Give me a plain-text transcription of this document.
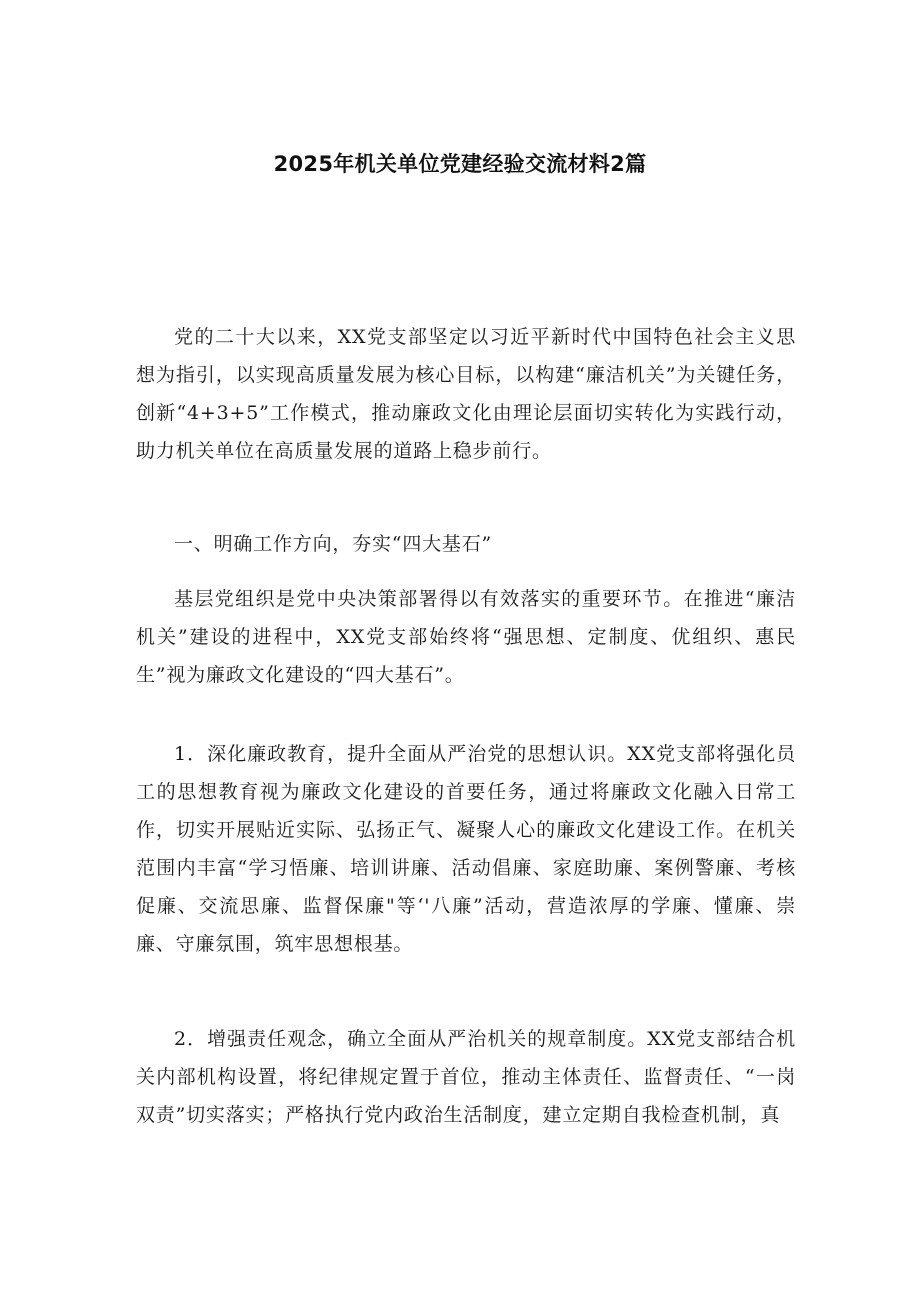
2025年机关单位党建经验交流材料2篇

党的二十大以来，XX党支部坚定以习近平新时代中国特色社会主义思想为指引，以实现高质量发展为核心目标，以构建“廉洁机关”为关键任务，创新“4+3+5”工作模式，推动廉政文化由理论层面切实转化为实践行动，助力机关单位在高质量发展的道路上稳步前行。

一、明确工作方向，夯实“四大基石”

基层党组织是党中央决策部署得以有效落实的重要环节。在推进“廉洁机关”建设的进程中，XX党支部始终将“强思想、定制度、优组织、惠民生”视为廉政文化建设的“四大基石”。

1．深化廉政教育，提升全面从严治党的思想认识。XX党支部将强化员工的思想教育视为廉政文化建设的首要任务，通过将廉政文化融入日常工作，切实开展贴近实际、弘扬正气、凝聚人心的廉政文化建设工作。在机关范围内丰富“学习悟廉、培训讲廉、活动倡廉、家庭助廉、案例警廉、考核促廉、交流思廉、监督保廉"等‘'八廉”活动，营造浓厚的学廉、懂廉、崇廉、守廉氛围，筑牢思想根基。

2．增强责任观念，确立全面从严治机关的规章制度。XX党支部结合机关内部机构设置，将纪律规定置于首位，推动主体责任、监督责任、“一岗双责”切实落实；严格执行党内政治生活制度，建立定期自我检查机制，真
